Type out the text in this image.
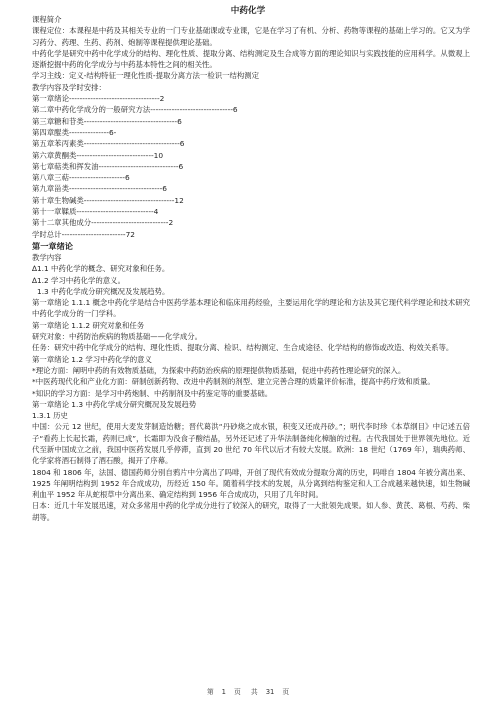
中药化学
课程简介
课程定位：本课程是中药及其相关专业的一门专业基础课或专业课，它是在学习了有机、分析、药物等课程的基础上学习的。它又为学习药分、药理、生药、药剂、炮制等课程提供理论基础。
中药化学是研究中药中化学成分的结构、理化性质、提取分离、结构测定及生合成等方面的理论知识与实践技能的应用科学。从微观上逐渐挖掘中药的化学成分与中药基本特性之间的相关性。
学习主线：定义-结构特征一理化性质-提取分离方法一检识一结构测定
教学内容及学时安排：
第一章绪论----------------------------------2
第二章中药化学成分的一般研究方法-------------------------------6
第三章糖和苷类-----------------------------------6
第四章醌类---------------6-
第五章苯丙素类------------------------------------6
第六章黄酮类-----------------------------10
第七章萜类和挥发油------------------------------6
第八章三萜---------------------6
第九章甾类-----------------------------------6
第十章生物碱类----------------------------------12
第十一章鞣质-----------------------------4
第十二章其他成分-----------------------------2
学时总计------------------------72
第一章绪论
教学内容
∆1.1 中药化学的概念、研究对象和任务。
∆1.2 学习中药化学的意义。
1.3 中药化学成分研究概况及发展趋势。
第一章绪论 1.1.1 概念中药化学是结合中医药学基本理论和临床用药经验，主要运用化学的理论和方法及其它现代科学理论和技术研究中药化学成分的一门学科。
第一章绪论 1.1.2 研究对象和任务
研究对象：中药防治疾病的物质基础——化学成分。
任务：研究中药中化学成分的结构、理化性质、提取分离、检识、结构测定、生合成途径、化学结构的修饰或改造、构效关系等。
第一章绪论 1.2 学习中药化学的意义
*理论方面：阐明中药的有效物质基础，为探索中药防治疾病的原理提供物质基础，促进中药药性理论研究的深入。
*中医药现代化和产业化方面：研制创新药物、改进中药制剂的剂型、建立完善合理的质量评价标准，提高中药疗效和质量。
*知识的学习方面：是学习中药炮制、中药制剂及中药鉴定等的重要基础。
第一章绪论 1.3 中药化学成分研究概况及发展趋势
1.3.1 历史
中国：公元 12 世纪，使用大麦发芽制造饴糖；晋代葛洪“丹砂烧之成水银，积变又还成丹砂。”；明代李时珍《本草纲目》中记述五倍子“看药上长起长霜，药则已成”，长霜即为没食子酸结晶，另外还记述了升华法制备纯化樟脑的过程。古代我国处于世界领先地位。近代至新中国成立之前，我国中医药发展几乎停滞，直到 20 世纪 70 年代以后才有较大发展。欧洲：18 世纪（1769 年），瑞典药师、化学家将酒石制得了酒石酸，揭开了序幕。
1804 和 1806 年，法国、德国药师分别自鸦片中分离出了吗啡，开创了现代有效成分提取分离的历史，吗啡自 1804 年被分离出来、1925 年阐明结构到 1952 年合成成功，历经近 150 年。随着科学技术的发展，从分离到结构鉴定和人工合成越来越快速，如生物碱利血平 1952 年从蛇根草中分离出来、确定结构到 1956 年合成成功，只用了几年时间。
日本：近几十年发展迅速，对众多常用中药的化学成分进行了较深入的研究，取得了一大批领先成果。如人参、黄芪、葛根、芍药、柴胡等。
第 1 页 共 31 页
